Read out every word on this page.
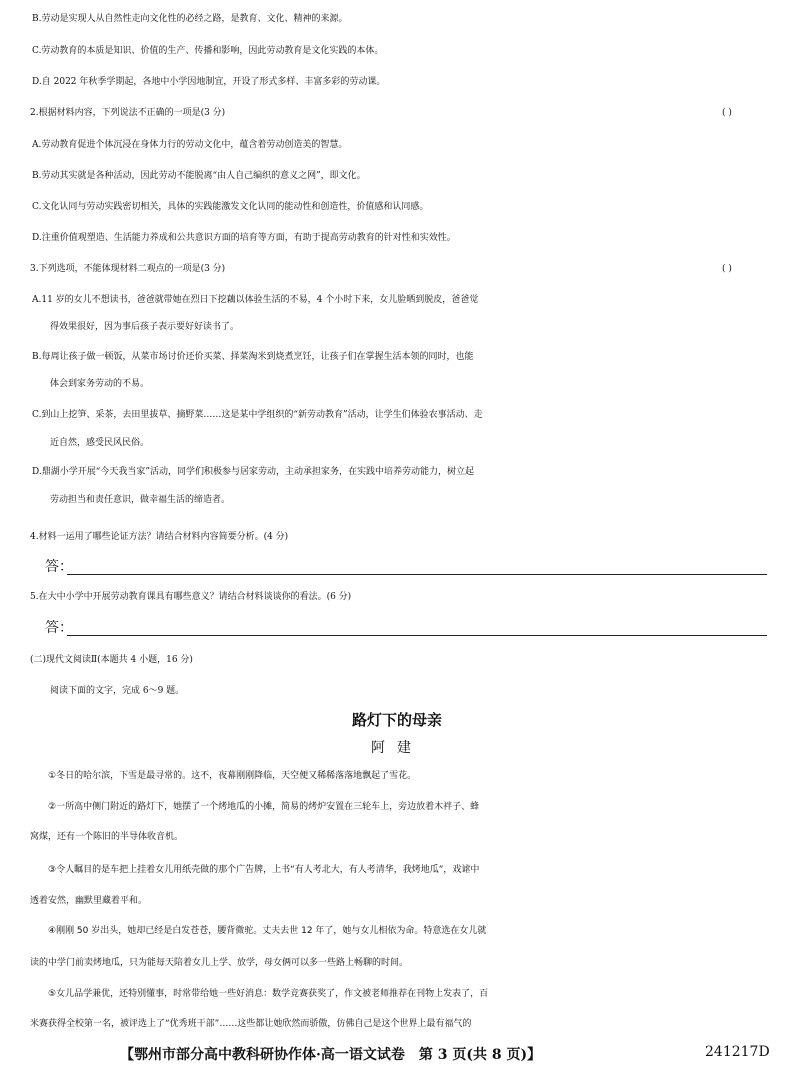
B.劳动是实现人从自然性走向文化性的必经之路，是教育、文化、精神的来源。
C.劳动教育的本质是知识、价值的生产、传播和影响，因此劳动教育是文化实践的本体。
D.自 2022 年秋季学期起，各地中小学因地制宜，开设了形式多样、丰富多彩的劳动课。
2.根据材料内容，下列说法不正确的一项是(3 分)	( )
A.劳动教育促进个体沉浸在身体力行的劳动文化中，蕴含着劳动创造美的智慧。
B.劳动其实就是各种活动，因此劳动不能脱离“由人自己编织的意义之网”，即文化。
C.文化认同与劳动实践密切相关，具体的实践能激发文化认同的能动性和创造性，价值感和认同感。
D.注重价值观塑造、生活能力养成和公共意识方面的培育等方面，有助于提高劳动教育的针对性和实效性。
3.下列选项，不能体现材料二观点的一项是(3 分)	( )
A.11 岁的女儿不想读书，爸爸就带她在烈日下挖藕以体验生活的不易，4 个小时下来，女儿脸晒到脱皮，爸爸觉
得效果很好，因为事后孩子表示要好好读书了。
B.每周让孩子做一顿饭，从菜市场讨价还价买菜、择菜淘米到烧煮烹饪，让孩子们在掌握生活本领的同时，也能
体会到家务劳动的不易。
C.到山上挖笋、采茶，去田里拔草、摘野菜……这是某中学组织的“新劳动教育”活动，让学生们体验农事活动、走
近自然，感受民风民俗。
D.鼎湖小学开展“今天我当家”活动，同学们积极参与居家劳动，主动承担家务，在实践中培养劳动能力，树立起
劳动担当和责任意识，做幸福生活的缔造者。
4.材料一运用了哪些论证方法？请结合材料内容简要分析。(4 分)
答：
5.在大中小学中开展劳动教育课具有哪些意义？请结合材料谈谈你的看法。(6 分)
答：
(二)现代文阅读Ⅱ(本题共 4 小题，16 分)
阅读下面的文字，完成 6～9 题。
路灯下的母亲
阿建
①冬日的哈尔滨，下雪是最寻常的。这不，夜幕刚刚降临，天空便又稀稀落落地飘起了雪花。
②一所高中侧门附近的路灯下，她摆了一个烤地瓜的小摊，简易的烤炉安置在三轮车上，旁边放着木袢子、蜂
窝煤，还有一个陈旧的半导体收音机。
③令人瞩目的是车把上挂着女儿用纸壳做的那个广告牌，上书“有人考北大，有人考清华，我烤地瓜”，戏谑中
透着安然，幽默里藏着平和。
④刚刚 50 岁出头，她却已经是白发苍苍，腰背微驼。丈夫去世 12 年了，她与女儿相依为命。特意选在女儿就
读的中学门前卖烤地瓜，只为能每天陪着女儿上学、放学，母女俩可以多一些路上畅聊的时间。
⑤女儿品学兼优，还特别懂事，时常带给她一些好消息：数学竞赛获奖了，作文被老师推荐在刊物上发表了，百
米赛获得全校第一名，被评选上了“优秀班干部”……这些都让她欣然而骄傲，仿佛自己是这个世界上最有福气的
【鄂州市部分高中教科研协作体·高一语文试卷　第 3 页(共 8 页)】	241217D
